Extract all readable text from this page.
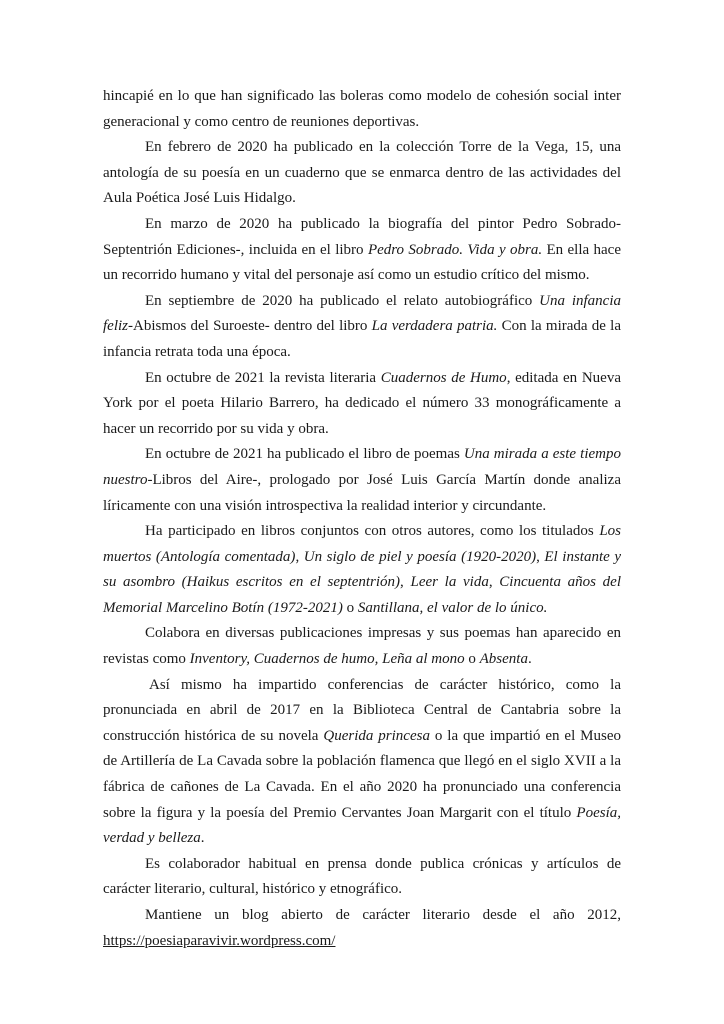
hincapié en lo que han significado las boleras como modelo de cohesión social inter generacional y como centro de reuniones deportivas.

En febrero de 2020 ha publicado en la colección Torre de la Vega, 15, una antología de su poesía en un cuaderno que se enmarca dentro de las actividades del Aula Poética José Luis Hidalgo.

En marzo de 2020 ha publicado la biografía del pintor Pedro Sobrado-Septentrión Ediciones-, incluida en el libro Pedro Sobrado. Vida y obra. En ella hace un recorrido humano y vital del personaje así como un estudio crítico del mismo.

En septiembre de 2020 ha publicado el relato autobiográfico Una infancia feliz-Abismos del Suroeste- dentro del libro La verdadera patria. Con la mirada de la infancia retrata toda una época.

En octubre de 2021 la revista literaria Cuadernos de Humo, editada en Nueva York por el poeta Hilario Barrero, ha dedicado el número 33 monográficamente a hacer un recorrido por su vida y obra.

En octubre de 2021 ha publicado el libro de poemas Una mirada a este tiempo nuestro-Libros del Aire-, prologado por José Luis García Martín donde analiza líricamente con una visión introspectiva la realidad interior y circundante.

Ha participado en libros conjuntos con otros autores, como los titulados Los muertos (Antología comentada), Un siglo de piel y poesía (1920-2020), El instante y su asombro (Haikus escritos en el septentrión), Leer la vida, Cincuenta años del Memorial Marcelino Botín (1972-2021) o Santillana, el valor de lo único.

Colabora en diversas publicaciones impresas y sus poemas han aparecido en revistas como Inventory, Cuadernos de humo, Leña al mono o Absenta.

Así mismo ha impartido conferencias de carácter histórico, como la pronunciada en abril de 2017 en la Biblioteca Central de Cantabria sobre la construcción histórica de su novela Querida princesa o la que impartió en el Museo de Artillería de La Cavada sobre la población flamenca que llegó en el siglo XVII a la fábrica de cañones de La Cavada. En el año 2020 ha pronunciado una conferencia sobre la figura y la poesía del Premio Cervantes Joan Margarit con el título Poesía, verdad y belleza.

Es colaborador habitual en prensa donde publica crónicas y artículos de carácter literario, cultural, histórico y etnográfico.

Mantiene un blog abierto de carácter literario desde el año 2012, https://poesiaparavivir.wordpress.com/
